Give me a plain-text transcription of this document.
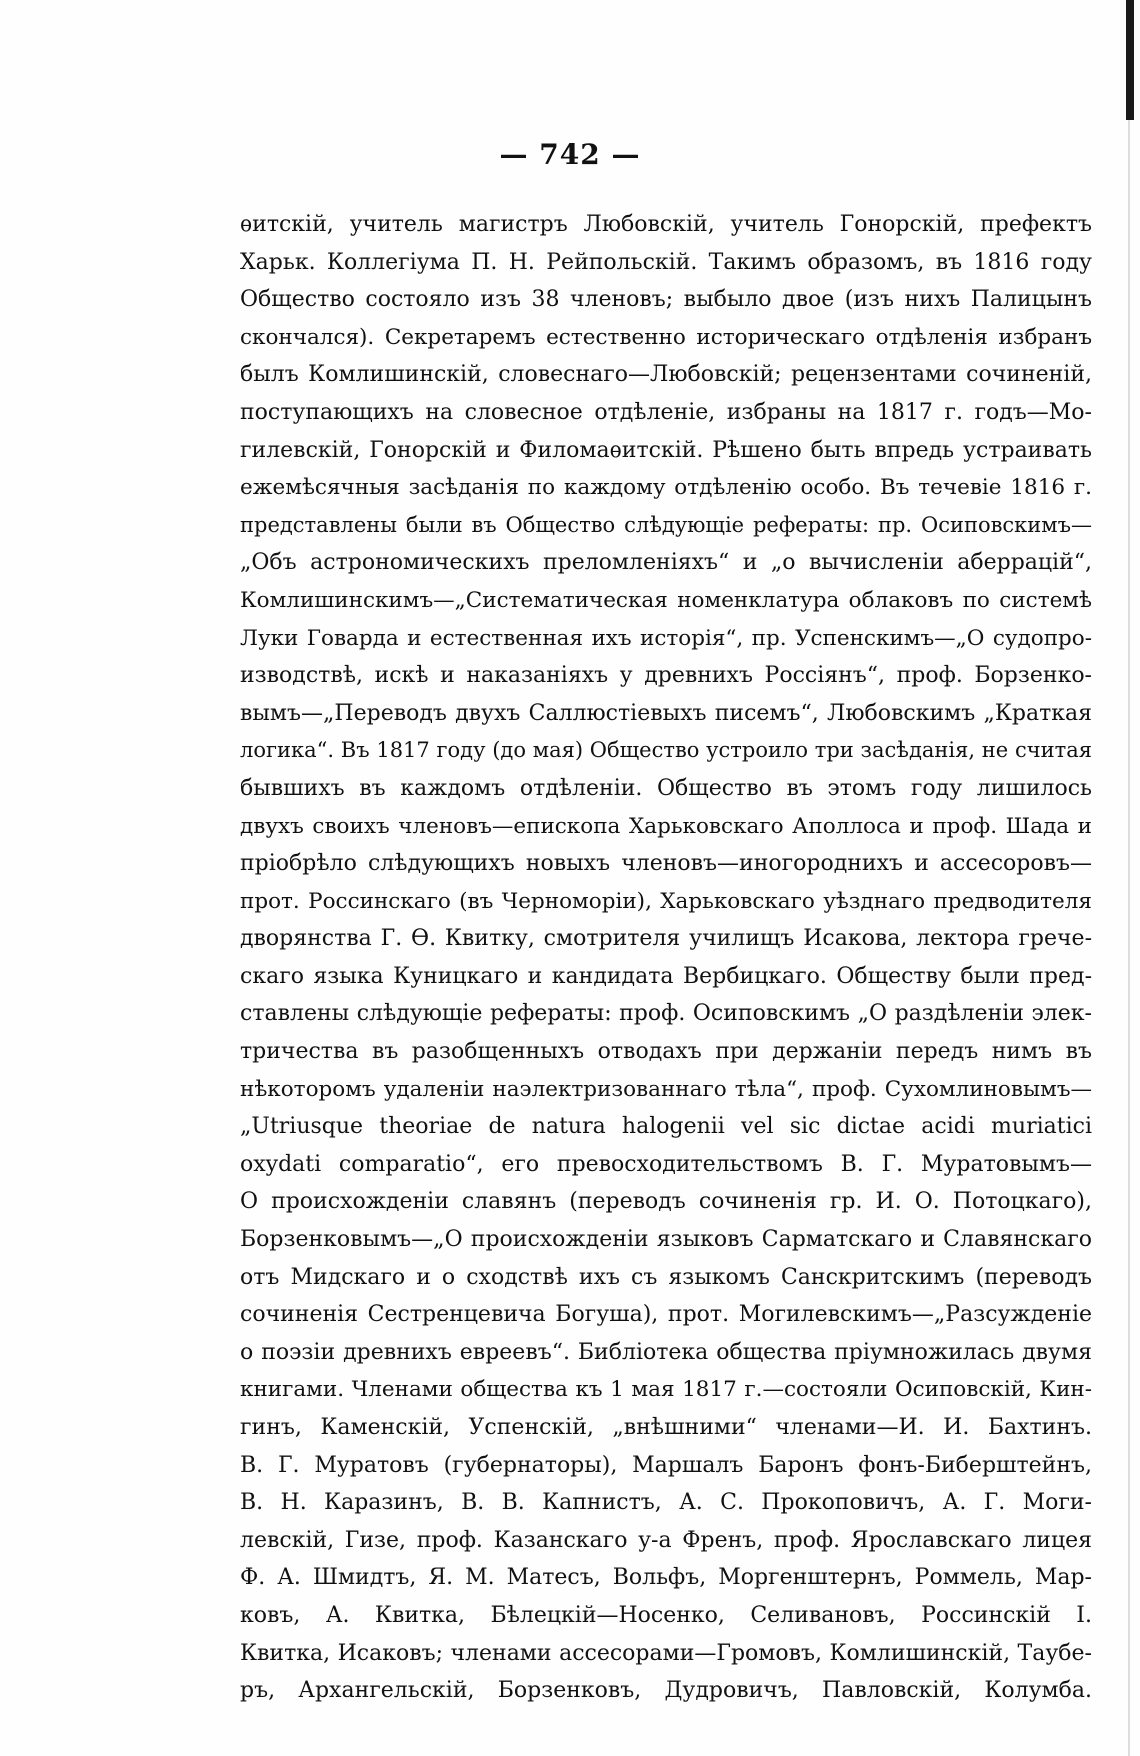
— 742 —
ѳитскій, учитель магистръ Любовскій, учитель Гонорскій, префектъ
Харьк. Коллегіума П. Н. Рейпольскій. Такимъ образомъ, въ 1816 году
Общество состояло изъ 38 членовъ; выбыло двое (изъ нихъ Палицынъ
скончался). Секретаремъ естественно историческаго отдѣленія избранъ
былъ Комлишинскій, словеснаго—Любовскій; рецензентами сочиненій,
поступающихъ на словесное отдѣленіе, избраны на 1817 г. годъ—Мо-
гилевскій, Гонорскій и Филомаѳитскій. Рѣшено быть впредь устраивать
ежемѣсячныя засѣданія по каждому отдѣленію особо. Въ течевіе 1816 г.
представлены были въ Общество слѣдующіе рефераты: пр. Осиповскимъ—
„Объ астрономическихъ преломленіяхъ“ и „о вычисленіи аберрацій“,
Комлишинскимъ—„Систематическая номенклатура облаковъ по системѣ
Луки Говарда и естественная ихъ исторія“, пр. Успенскимъ—„О судопро-
изводствѣ, искѣ и наказаніяхъ у древнихъ Россіянъ“, проф. Борзенко-
вымъ—„Переводъ двухъ Саллюстіевыхъ писемъ“, Любовскимъ „Краткая
логика“. Въ 1817 году (до мая) Общество устроило три засѣданія, не считая
бывшихъ въ каждомъ отдѣленіи. Общество въ этомъ году лишилось
двухъ своихъ членовъ—епископа Харьковскаго Аполлоса и проф. Шада и
пріобрѣло слѣдующихъ новыхъ членовъ—иногороднихъ и ассесоровъ—
прот. Россинскаго (въ Черноморіи), Харьковскаго уѣзднаго предводителя
дворянства Г. Ѳ. Квитку, смотрителя училищъ Исакова, лектора грече-
скаго языка Куницкаго и кандидата Вербицкаго. Обществу были пред-
ставлены слѣдующіе рефераты: проф. Осиповскимъ „О раздѣленіи элек-
тричества въ разобщенныхъ отводахъ при держаніи передъ нимъ въ
нѣкоторомъ удаленіи наэлектризованнаго тѣла“, проф. Сухомлиновымъ—
„Utriusque theoriae de natura halogenii vel sic dictae acidi muriatici
oxydati comparatio“, его превосходительствомъ В. Г. Муратовымъ—
О происхожденіи славянъ (переводъ сочиненія гр. И. О. Потоцкаго),
Борзенковымъ—„О происхожденіи языковъ Сарматскаго и Славянскаго
отъ Мидскаго и о сходствѣ ихъ съ языкомъ Санскритскимъ (переводъ
сочиненія Сестренцевича Богуша), прот. Могилевскимъ—„Разсужденіе
о поэзіи древнихъ евреевъ“. Библіотека общества пріумножилась двумя
книгами. Членами общества къ 1 мая 1817 г.—состояли Осиповскій, Кин-
гинъ, Каменскій, Успенскій, „внѣшними“ членами—И. И. Бахтинъ.
В. Г. Муратовъ (губернаторы), Маршалъ Баронъ фонъ-Биберштейнъ,
В. Н. Каразинъ, В. В. Капнистъ, А. С. Прокоповичъ, А. Г. Моги-
левскій, Гизе, проф. Казанскаго у-а Френъ, проф. Ярославскаго лицея
Ф. А. Шмидтъ, Я. М. Матесъ, Вольфъ, Моргенштернъ, Роммель, Мар-
ковъ, А. Квитка, Бѣлецкій—Носенко, Селивановъ, Россинскій I.
Квитка, Исаковъ; членами ассесорами—Громовъ, Комлишинскій, Таубе-
ръ, Архангельскій, Борзенковъ, Дудровичъ, Павловскій, Колумба.
